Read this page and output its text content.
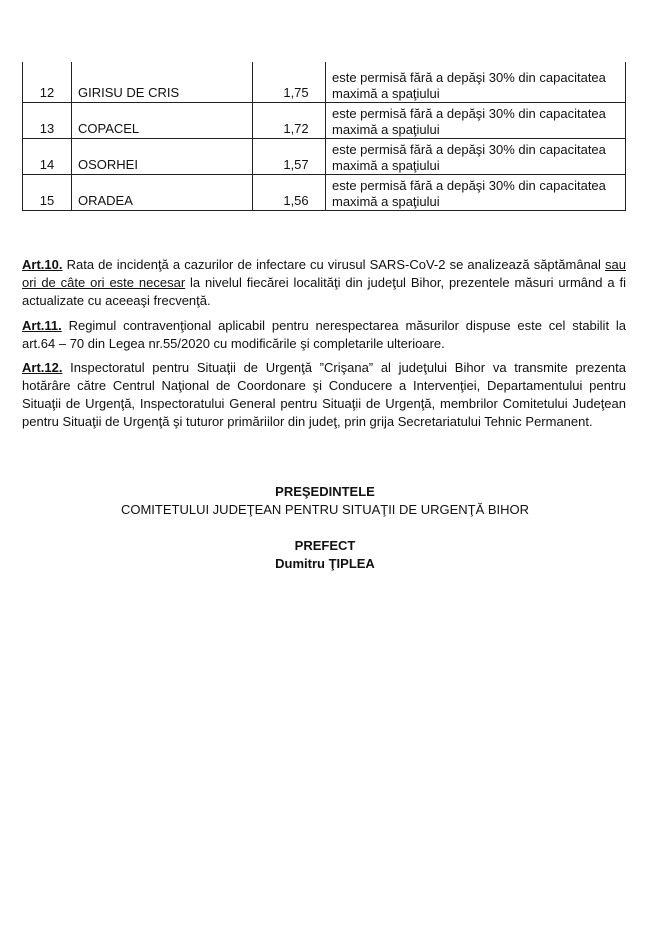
12	GIRISU DE CRIS	1,75	este permisă fără a depăşi 30% din capacitatea
maximă a spaţiului

13	COPACEL	1,72	este permisă fără a depăşi 30% din capacitatea
maximă a spaţiului

14	OSORHEI	1,57	este permisă fără a depăşi 30% din capacitatea
maximă a spaţiului

15	ORADEA	1,56	este permisă fără a depăşi 30% din capacitatea
maximă a spaţiului

Art.10. Rata de incidenţă a cazurilor de infectare cu virusul SARS-CoV-2 se analizează săptămânal sau ori de câte ori este necesar la nivelul fiecărei localităţi din judeţul Bihor, prezentele măsuri urmând a fi actualizate cu aceeaşi frecvenţă.

Art.11. Regimul contravenţional aplicabil pentru nerespectarea măsurilor dispuse este cel stabilit la art.64 – 70 din Legea nr.55/2020 cu modificările şi completarile ulterioare.

Art.12. Inspectoratul pentru Situaţii de Urgenţă ”Crişana” al judeţului Bihor va transmite prezenta hotărâre către Centrul Naţional de Coordonare şi Conducere a Intervenţiei, Departamentului pentru Situaţii de Urgenţă, Inspectoratului General pentru Situaţii de Urgenţă, membrilor Comitetului Judeţean pentru Situaţii de Urgenţă şi tuturor primăriilor din judeţ, prin grija Secretariatului Tehnic Permanent.

PREŞEDINTELE

COMITETULUI JUDEŢEAN PENTRU SITUAŢII DE URGENŢĂ BIHOR

PREFECT

Dumitru ŢIPLEA
